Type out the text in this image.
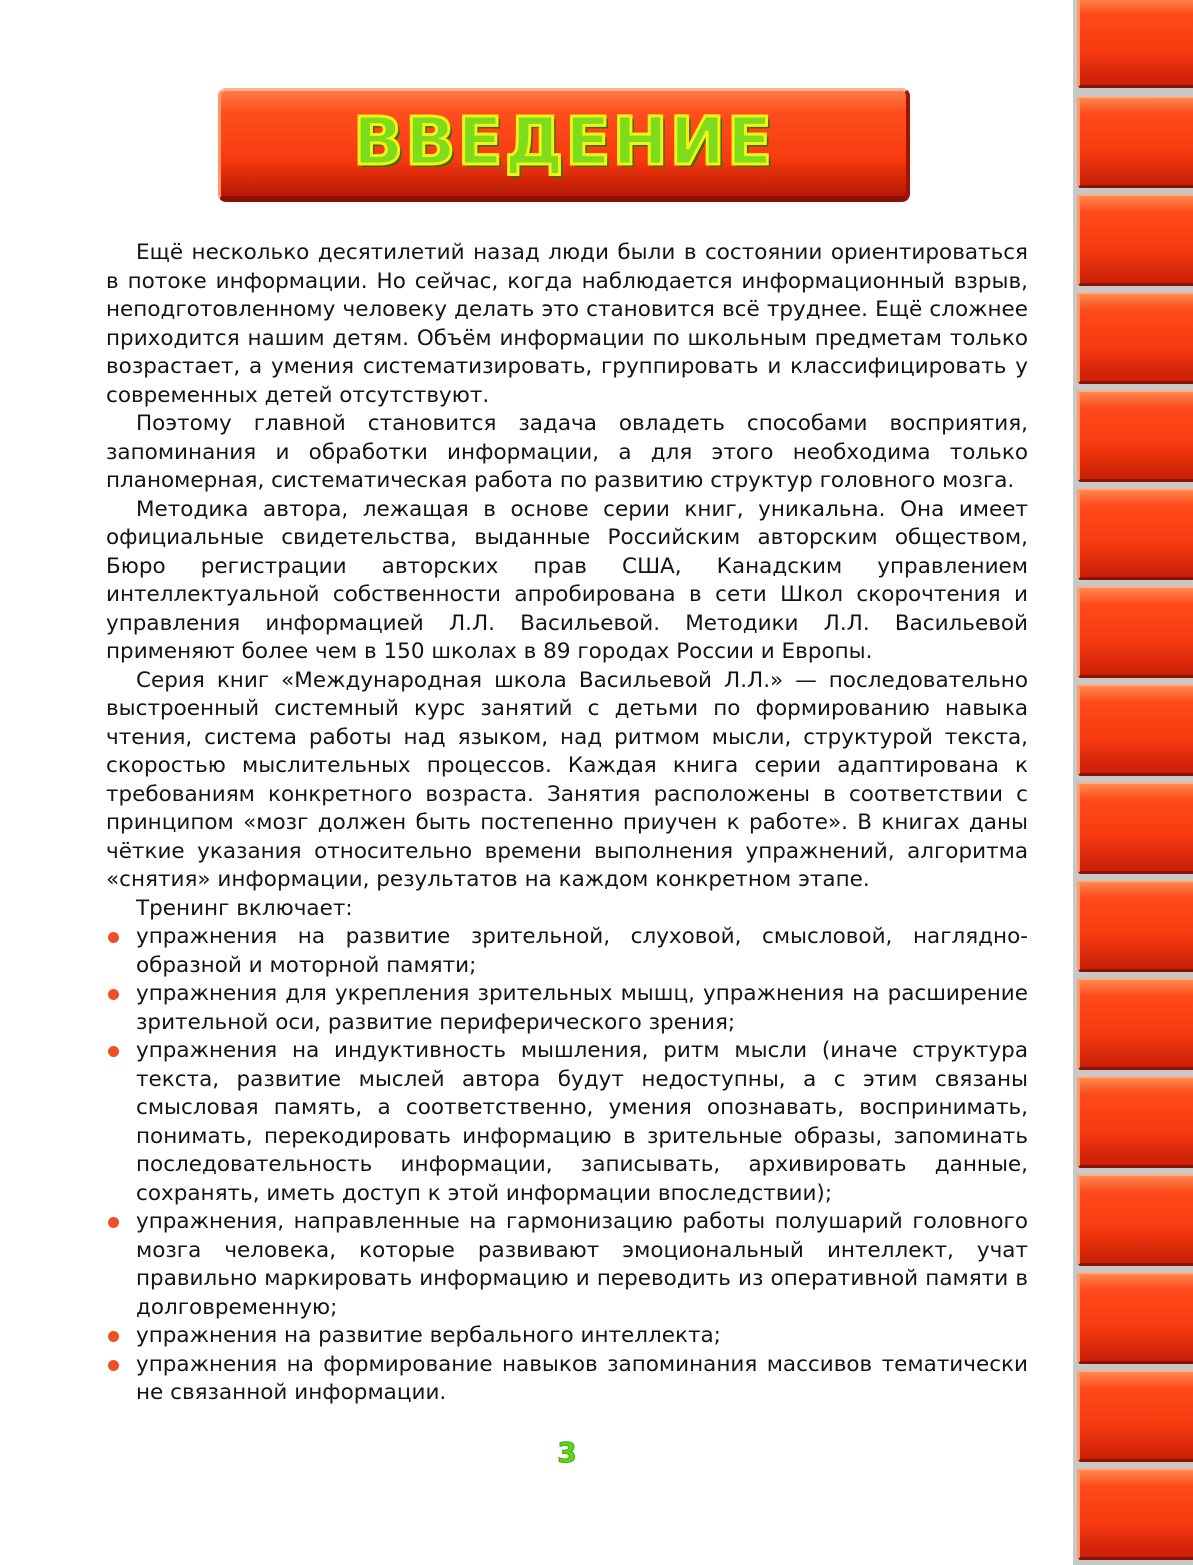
ВВЕДЕНИЕ

Ещё несколько десятилетий назад люди были в состоянии ориентироваться в потоке информации. Но сейчас, когда наблюдается информационный взрыв, неподготовленному человеку делать это становится всё труднее. Ещё сложнее приходится нашим детям. Объём информации по школьным предметам только возрастает, а умения систематизировать, группировать и классифицировать у современных детей отсутствуют.

Поэтому главной становится задача овладеть способами восприятия, запоминания и обработки информации, а для этого необходима только планомерная, систематическая работа по развитию структур головного мозга.

Методика автора, лежащая в основе серии книг, уникальна. Она имеет официальные свидетельства, выданные Российским авторским обществом, Бюро регистрации авторских прав США, Канадским управлением интеллектуальной собственности апробирована в сети Школ скорочтения и управления информацией Л.Л. Васильевой. Методики Л.Л. Васильевой применяют более чем в 150 школах в 89 городах России и Европы.

Серия книг «Международная школа Васильевой Л.Л.» — последовательно выстроенный системный курс занятий с детьми по формированию навыка чтения, система работы над языком, над ритмом мысли, структурой текста, скоростью мыслительных процессов. Каждая книга серии адаптирована к требованиям конкретного возраста. Занятия расположены в соответствии с принципом «мозг должен быть постепенно приучен к работе». В книгах даны чёткие указания относительно времени выполнения упражнений, алгоритма «снятия» информации, результатов на каждом конкретном этапе.

Тренинг включает:

упражнения на развитие зрительной, слуховой, смысловой, наглядно-образной и моторной памяти;
упражнения для укрепления зрительных мышц, упражнения на расширение зрительной оси, развитие периферического зрения;
упражнения на индуктивность мышления, ритм мысли (иначе структура текста, развитие мыслей автора будут недоступны, а с этим связаны смысловая память, а соответственно, умения опознавать, воспринимать, понимать, перекодировать информацию в зрительные образы, запоминать последовательность информации, записывать, архивировать данные, сохранять, иметь доступ к этой информации впоследствии);
упражнения, направленные на гармонизацию работы полушарий головного мозга человека, которые развивают эмоциональный интеллект, учат правильно маркировать информацию и переводить из оперативной памяти в долговременную;
упражнения на развитие вербального интеллекта;
упражнения на формирование навыков запоминания массивов тематически не связанной информации.
3
